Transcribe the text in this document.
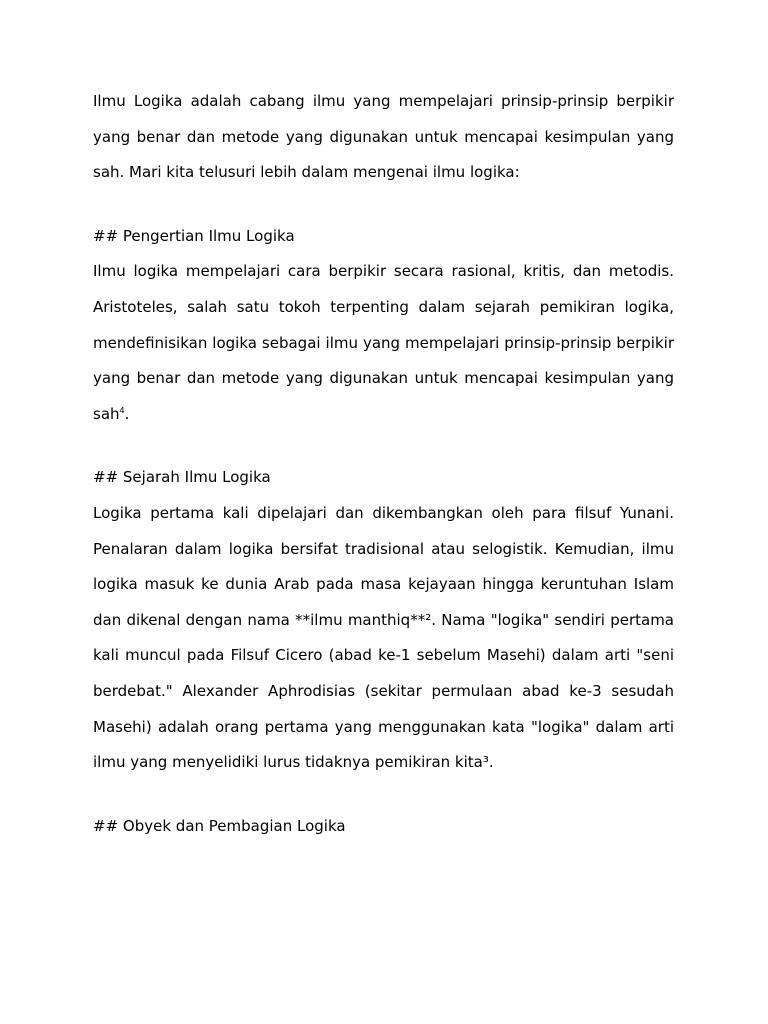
Ilmu Logika adalah cabang ilmu yang mempelajari prinsip-prinsip berpikir yang benar dan metode yang digunakan untuk mencapai kesimpulan yang sah. Mari kita telusuri lebih dalam mengenai ilmu logika:

## Pengertian Ilmu Logika

Ilmu logika mempelajari cara berpikir secara rasional, kritis, dan metodis. Aristoteles, salah satu tokoh terpenting dalam sejarah pemikiran logika, mendefinisikan logika sebagai ilmu yang mempelajari prinsip-prinsip berpikir yang benar dan metode yang digunakan untuk mencapai kesimpulan yang sah$^4$.

## Sejarah Ilmu Logika

Logika pertama kali dipelajari dan dikembangkan oleh para filsuf Yunani. Penalaran dalam logika bersifat tradisional atau selogistik. Kemudian, ilmu logika masuk ke dunia Arab pada masa kejayaan hingga keruntuhan Islam dan dikenal dengan nama **ilmu manthiq**². Nama "logika" sendiri pertama kali muncul pada Filsuf Cicero (abad ke-1 sebelum Masehi) dalam arti "seni berdebat." Alexander Aphrodisias (sekitar permulaan abad ke-3 sesudah Masehi) adalah orang pertama yang menggunakan kata "logika" dalam arti ilmu yang menyelidiki lurus tidaknya pemikiran kita³.

## Obyek dan Pembagian Logika
